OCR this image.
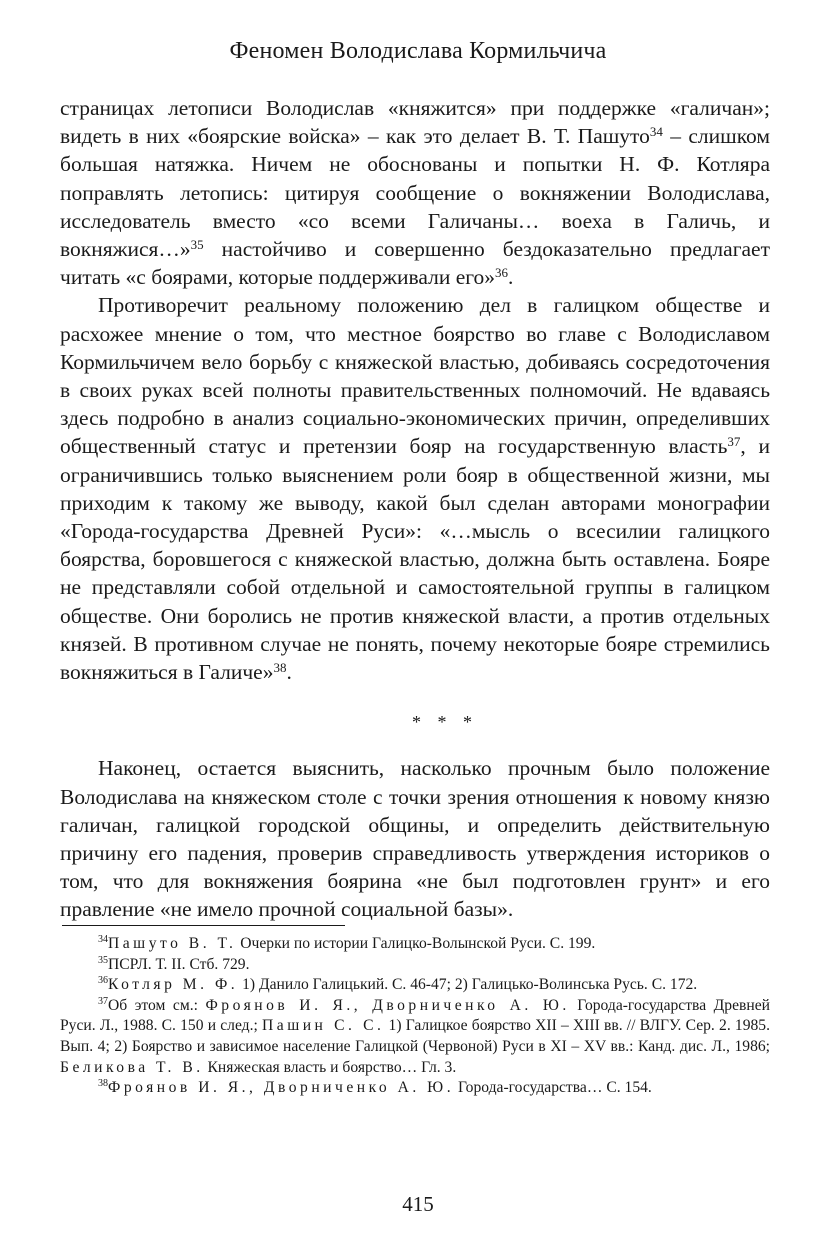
Феномен Володислава Кормильчича

страницах летописи Володислав «княжится» при поддержке «галичан»; видеть в них «боярские войска» – как это делает В. Т. Пашуто$^{34}$ – слишком большая натяжка. Ничем не обоснованы и попытки Н. Ф. Котляра поправлять летопись: цитируя сообщение о вокняжении Володислава, исследователь вместо «со всеми Галичаны… воеха в Галичь, и вокняжися…»$^{35}$ настойчиво и совершенно бездоказательно предлагает читать «с боярами, которые поддерживали его»$^{36}$.

Противоречит реальному положению дел в галицком обществе и расхожее мнение о том, что местное боярство во главе с Володиславом Кормильчичем вело борьбу с княжеской властью, добиваясь сосредоточения в своих руках всей полноты правительственных полномочий. Не вдаваясь здесь подробно в анализ социально-экономических причин, определивших общественный статус и претензии бояр на государственную власть$^{37}$, и ограничившись только выяснением роли бояр в общественной жизни, мы приходим к такому же выводу, какой был сделан авторами монографии «Города-государства Древней Руси»: «…мысль о всесилии галицкого боярства, боровшегося с княжеской властью, должна быть оставлена. Бояре не представляли собой отдельной и самостоятельной группы в галицком обществе. Они боролись не против княжеской власти, а против отдельных князей. В противном случае не понять, почему некоторые бояре стремились вокняжиться в Галиче»$^{38}$.

* * *

Наконец, остается выяснить, насколько прочным было положение Володислава на княжеском столе с точки зрения отношения к новому князю галичан, галицкой городской общины, и определить действительную причину его падения, проверив справедливость утверждения историков о том, что для вокняжения боярина «не был подготовлен грунт» и его правление «не имело прочной социальной базы».

$^{34}$Пашуто В. Т. Очерки по истории Галицко-Волынской Руси. С. 199.

$^{35}$ПСРЛ. Т. II. Стб. 729.

$^{36}$Котляр М. Ф. 1) Данило Галицький. С. 46-47; 2) Галицько-Волинська Русь. С. 172.

$^{37}$Об этом см.: Фроянов И. Я., Дворниченко А. Ю. Города-государства Древней Руси. Л., 1988. С. 150 и след.; Пашин С. С. 1) Галицкое боярство XII – XIII вв. // ВЛГУ. Сер. 2. 1985. Вып. 4; 2) Боярство и зависимое население Галицкой (Червоной) Руси в XI – XV вв.: Канд. дис. Л., 1986; Беликова Т. В. Княжеская власть и боярство… Гл. 3.

$^{38}$Фроянов И. Я., Дворниченко А. Ю. Города-государства… С. 154.

415
